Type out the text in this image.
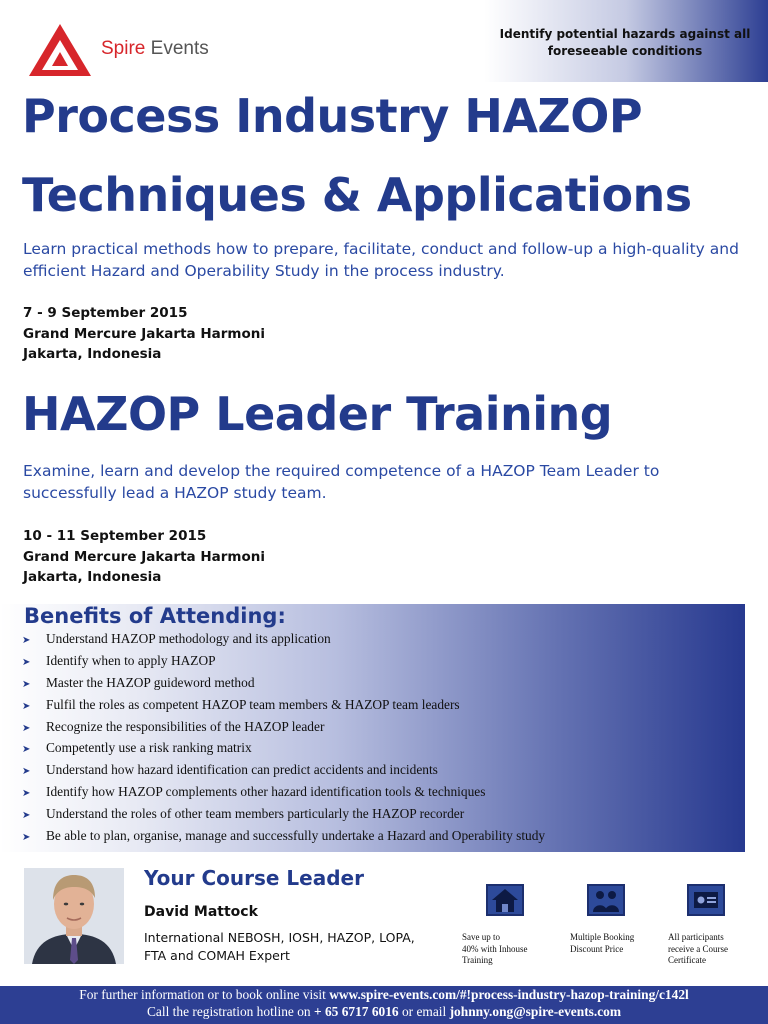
Spire Events
Identify potential hazards against all foreseeable conditions
Process Industry HAZOP
Techniques & Applications
Learn practical methods how to prepare, facilitate, conduct and follow-up a high-quality and efficient Hazard and Operability Study in the process industry.
7 - 9 September 2015
Grand Mercure Jakarta Harmoni
Jakarta, Indonesia
HAZOP Leader Training
Examine, learn and develop the required competence of a HAZOP Team Leader to successfully lead a HAZOP study team.
10 - 11 September 2015
Grand Mercure Jakarta Harmoni
Jakarta, Indonesia
Benefits of Attending:
➤ Understand HAZOP methodology and its application
➤ Identify when to apply HAZOP
➤ Master the HAZOP guideword method
➤ Fulfil the roles as competent HAZOP team members & HAZOP team leaders
➤ Recognize the responsibilities of the HAZOP leader
➤ Competently use a risk ranking matrix
➤ Understand how hazard identification can predict accidents and incidents
➤ Identify how HAZOP complements other hazard identification tools & techniques
➤ Understand the roles of other team members particularly the HAZOP recorder
➤ Be able to plan, organise, manage and successfully undertake a Hazard and Operability study
Your Course Leader
David Mattock
International NEBOSH, IOSH, HAZOP, LOPA, FTA and COMAH Expert
Save up to
40% with Inhouse
Training
Multiple Booking
Discount Price
All participants
receive a Course
Certificate
For further information or to book online visit www.spire-events.com/#!process-industry-hazop-training/c142l
Call the registration hotline on + 65 6717 6016 or email johnny.ong@spire-events.com
